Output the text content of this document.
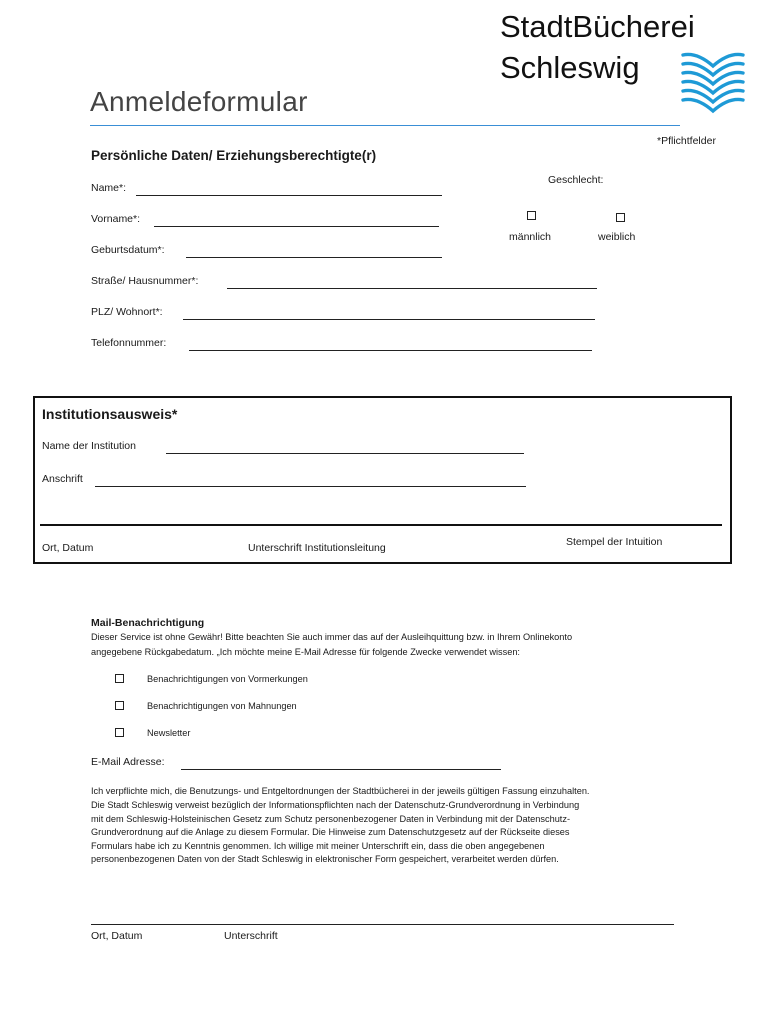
StadtBücherei
Schleswig
Anmeldeformular
*Pflichtfelder
Persönliche Daten/ Erziehungsberechtigte(r)
Name*:
Vorname*:
Geburtsdatum*:
Geschlecht:
männlich	weiblich
Straße/ Hausnummer*:
PLZ/ Wohnort*:
Telefonnummer:
Institutionsausweis*
Name der Institution
Anschrift
Ort, Datum	Unterschrift Institutionsleitung	Stempel der Intuition
Mail-Benachrichtigung
Dieser Service ist ohne Gewähr! Bitte beachten Sie auch immer das auf der Ausleihquittung bzw. in Ihrem Onlinekonto
angegebene Rückgabedatum. „Ich möchte meine E-Mail Adresse für folgende Zwecke verwendet wissen:
Benachrichtigungen von Vormerkungen
Benachrichtigungen von Mahnungen
Newsletter
E-Mail Adresse:
Ich verpflichte mich, die Benutzungs- und Entgeltordnungen der Stadtbücherei in der jeweils gültigen Fassung einzuhalten.
Die Stadt Schleswig verweist bezüglich der Informationspflichten nach der Datenschutz-Grundverordnung in Verbindung
mit dem Schleswig-Holsteinischen Gesetz zum Schutz personenbezogener Daten in Verbindung mit der Datenschutz-
Grundverordnung auf die Anlage zu diesem Formular. Die Hinweise zum Datenschutzgesetz auf der Rückseite dieses
Formulars habe ich zu Kenntnis genommen. Ich willige mit meiner Unterschrift ein, dass die oben angegebenen
personenbezogenen Daten von der Stadt Schleswig in elektronischer Form gespeichert, verarbeitet werden dürfen.
Ort, Datum	Unterschrift
